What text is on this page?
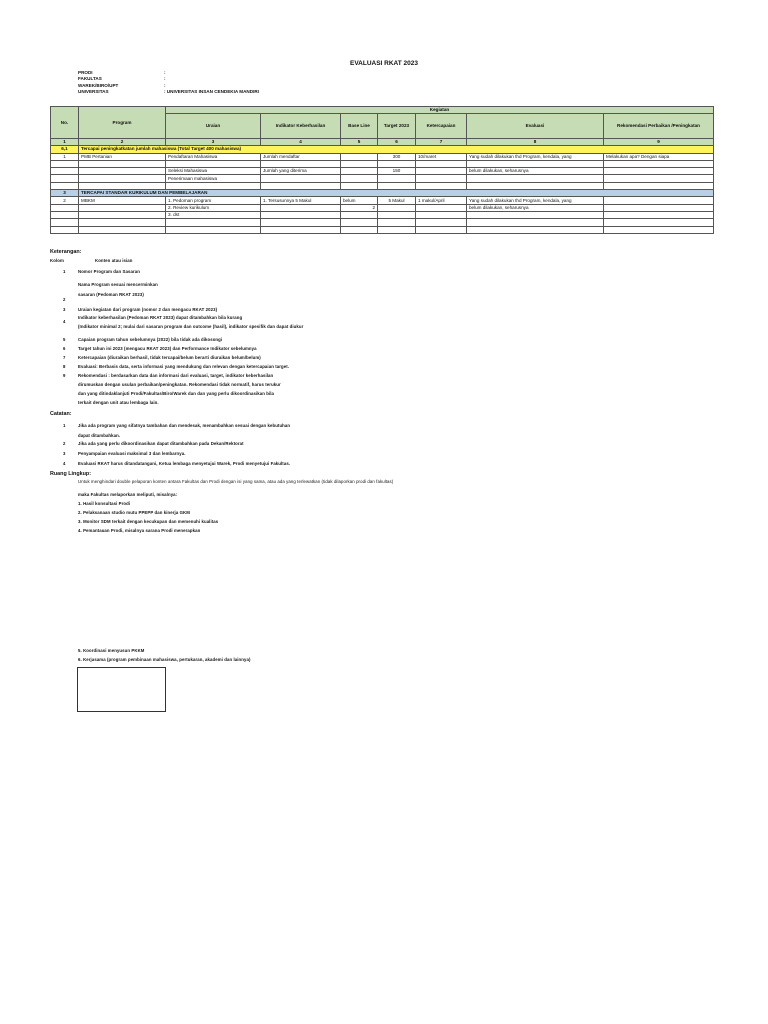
EVALUASI RKAT 2023
PRODI	:
FAKULTAS	:
WAREK/BIRO/UPT	:
UNIVERSITAS	: UNIVERSITAS INSAN CENDEKIA MANDIRI
No.	Program	Kegiatan						
		Uraian	Indikator Keberhasilan	Base Line	Target 2023	Ketercapaian	Evaluasi	Rekomendasi Perbaikan /Peningkatan
1	2	3	4	5	6	7	8	9
6,1	Tercapai peningkatkatan jumlah mahasiswa (Total Target 400 mahasiswa)							
1	PMB Pertanian	Pendaftaran Mahasiswa	Jumlah mendaftar		300	10/maret	Yang sudah dilakukan thd Program, kendala, yang	Melakukan apa? Dengan siapa

		Seleksi Mahasiswa	Jumlah yang diterima		150		belum dilakukan, seharusnya	
		Penerimaan mahasiswa						

3	TERCAPAI STANDAR KURIKULUM DAN PEMBELAJARAN							
2	MBKM	1. Pedoman program	1. Tersusunnya 5 Makul	belum	5 Makul	1 makul/April	Yang sudah dilakukan thd Program, kendala, yang	
		2. Review kurikulum		2			belum dilakukan, seharusnya	
		3. dst						

Keterangan:
Kolom	Konten atau isian
1	Nomor Program dan Sasaran
2
Nama Program sesuai mencerminkan
sasaran (Pedoman RKAT 2023)
3	Uraian kegiatan dari program (nomor 2 dan mengacu RKAT 2023)
4
Indikator keberhasilan (Pedoman RKAT 2023) dapat ditambahkan bila kurang
(Indikator minimal 2; mulai dari sasaran program dan outcome (hasil), indikator spesifik dan dapat diukur
5	Capaian program tahun sebelumnya (2022) bila tidak ada dikosongi
6	Target tahun ini 2023 (mengacu RKAT 2023) dan Performance Indikator sebelumnya
7	Ketercapaian (diuraikan berhasil, tidak tercapai/belum berarti diuraikan belum/belum)
8	Evaluasi: Berbasis data, serta informasi yang mendukung dan relevan dengan ketercapaian target.
9	Rekomendasi : berdasarkan data dan informasi dari evaluasi, target, indikator keberhasilan
dirumuskan dengan usulan perbaikan/peningkatan. Rekomendasi tidak normatif, harus terukur
dan yang ditindaklanjuti Prodi/Fakultas/Biro/Warek dan dan yang perlu dikoordinasikan bila
terkait dengan unit atau lembaga lain.
Catatan:
1	Jika ada program yang sifatnya tambahan dan mendesak, menambahkan sesuai dengan kebutuhan
dapat ditambahkan.
2	Jika ada yang perlu dikoordinasikan dapat ditambahkan pada Dekan/Rektorat
3	Penyampaian evaluasi maksimal 3 dan lembarnya.
4	Evaluasi RKAT harus ditandatangani, Ketua lembaga menyetujui Warek, Prodi menyetujui Fakultas.
Ruang Lingkup:
Untuk menghindari double pelaporan konten antara Fakultas dan Prodi dengan isi yang sama, atau ada yang terlewatkan (tidak dilaporkan prodi dan fakultas)
maka Fakultas melaporkan meliputi, misalnya:
1. Hasil konsultasi Prodi
2. Pelaksanaan studio mutu PPEPP dan kinerja GKM
3. Monitor SDM terkait dengan kecukupan dan memenuhi kualitas
4. Pemantauan Prodi, misalnya sarana Prodi menerapkan
5. Koordinasi menyusun PKKM
6. Kerjasama (program pembinaan mahasiswa, pertukaran, akademi dan lainnya)
